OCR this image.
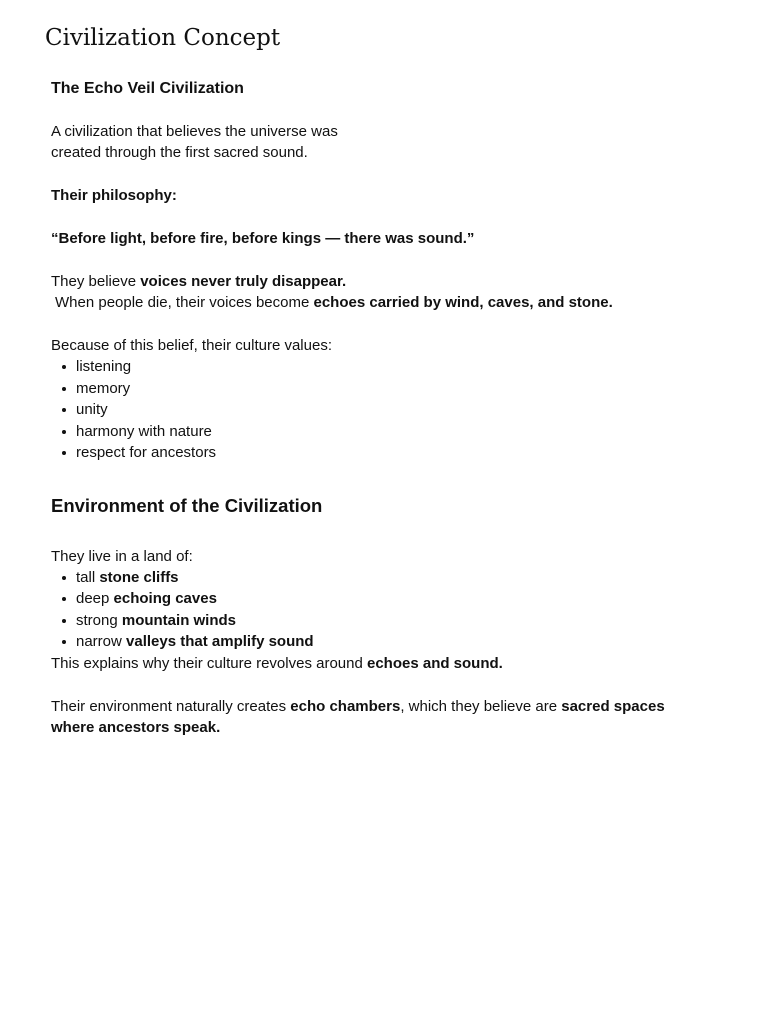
Civilization Concept

The Echo Veil Civilization

A civilization that believes the universe was
created through the first sacred sound.

Their philosophy:

“Before light, before fire, before kings — there was sound.”

They believe voices never truly disappear.
When people die, their voices become echoes carried by wind, caves, and stone.

Because of this belief, their culture values:

listening
memory
unity
harmony with nature
respect for ancestors
Environment of the Civilization

They live in a land of:

tall stone cliffs
deep echoing caves
strong mountain winds
narrow valleys that amplify sound

This explains why their culture revolves around echoes and sound.

Their environment naturally creates echo chambers, which they believe are sacred spaces where ancestors speak.
